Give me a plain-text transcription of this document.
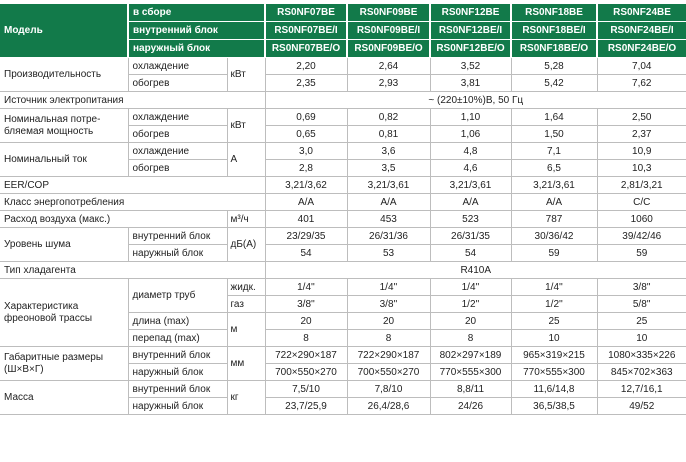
Модель	в сборе		RS0NF07BE	RS0NF09BE	RS0NF12BE	RS0NF18BE	RS0NF24BE
	внутренний блок		RS0NF07BE/I	RS0NF09BE/I	RS0NF12BE/I	RS0NF18BE/I	RS0NF24BE/I
	наружный блок		RS0NF07BE/O	RS0NF09BE/O	RS0NF12BE/O	RS0NF18BE/O	RS0NF24BE/O
Производительность	охлаждение	кВт	2,20	2,64	3,52	5,28	7,04
	обогрев		2,35	2,93	3,81	5,42	7,62
Источник электропитания			~ (220±10%)В, 50 Гц				
Номинальная потре-бляемая мощность	охлаждение	кВт	0,69	0,82	1,10	1,64	2,50
	обогрев		0,65	0,81	1,06	1,50	2,37
Номинальный ток	охлаждение	А	3,0	3,6	4,8	7,1	10,9
	обогрев		2,8	3,5	4,6	6,5	10,3
EER/COP			3,21/3,62	3,21/3,61	3,21/3,61	3,21/3,61	2,81/3,21
Класс энергопотребления			A/A	A/A	A/A	A/A	C/C
Расход воздуха (макс.)		м³/ч	401	453	523	787	1060
Уровень шума	внутренний блок	дБ(А)	23/29/35	26/31/36	26/31/35	30/36/42	39/42/46
	наружный блок		54	53	54	59	59
Тип хладагента			R410A				
Характеристика фреоновой трассы	диаметр труб	жидк.	1/4''	1/4''	1/4''	1/4''	3/8''
		газ	3/8''	3/8''	1/2''	1/2''	5/8''
	длина (max)	м	20	20	20	25	25
	перепад (max)		8	8	8	10	10
Габаритные размеры (Ш×В×Г)	внутренний блок	мм	722×290×187	722×290×187	802×297×189	965×319×215	1080×335×226
	наружный блок		700×550×270	700×550×270	770×555×300	770×555×300	845×702×363
Масса	внутренний блок	кг	7,5/10	7,8/10	8,8/11	11,6/14,8	12,7/16,1
	наружный блок		23,7/25,9	26,4/28,6	24/26	36,5/38,5	49/52
